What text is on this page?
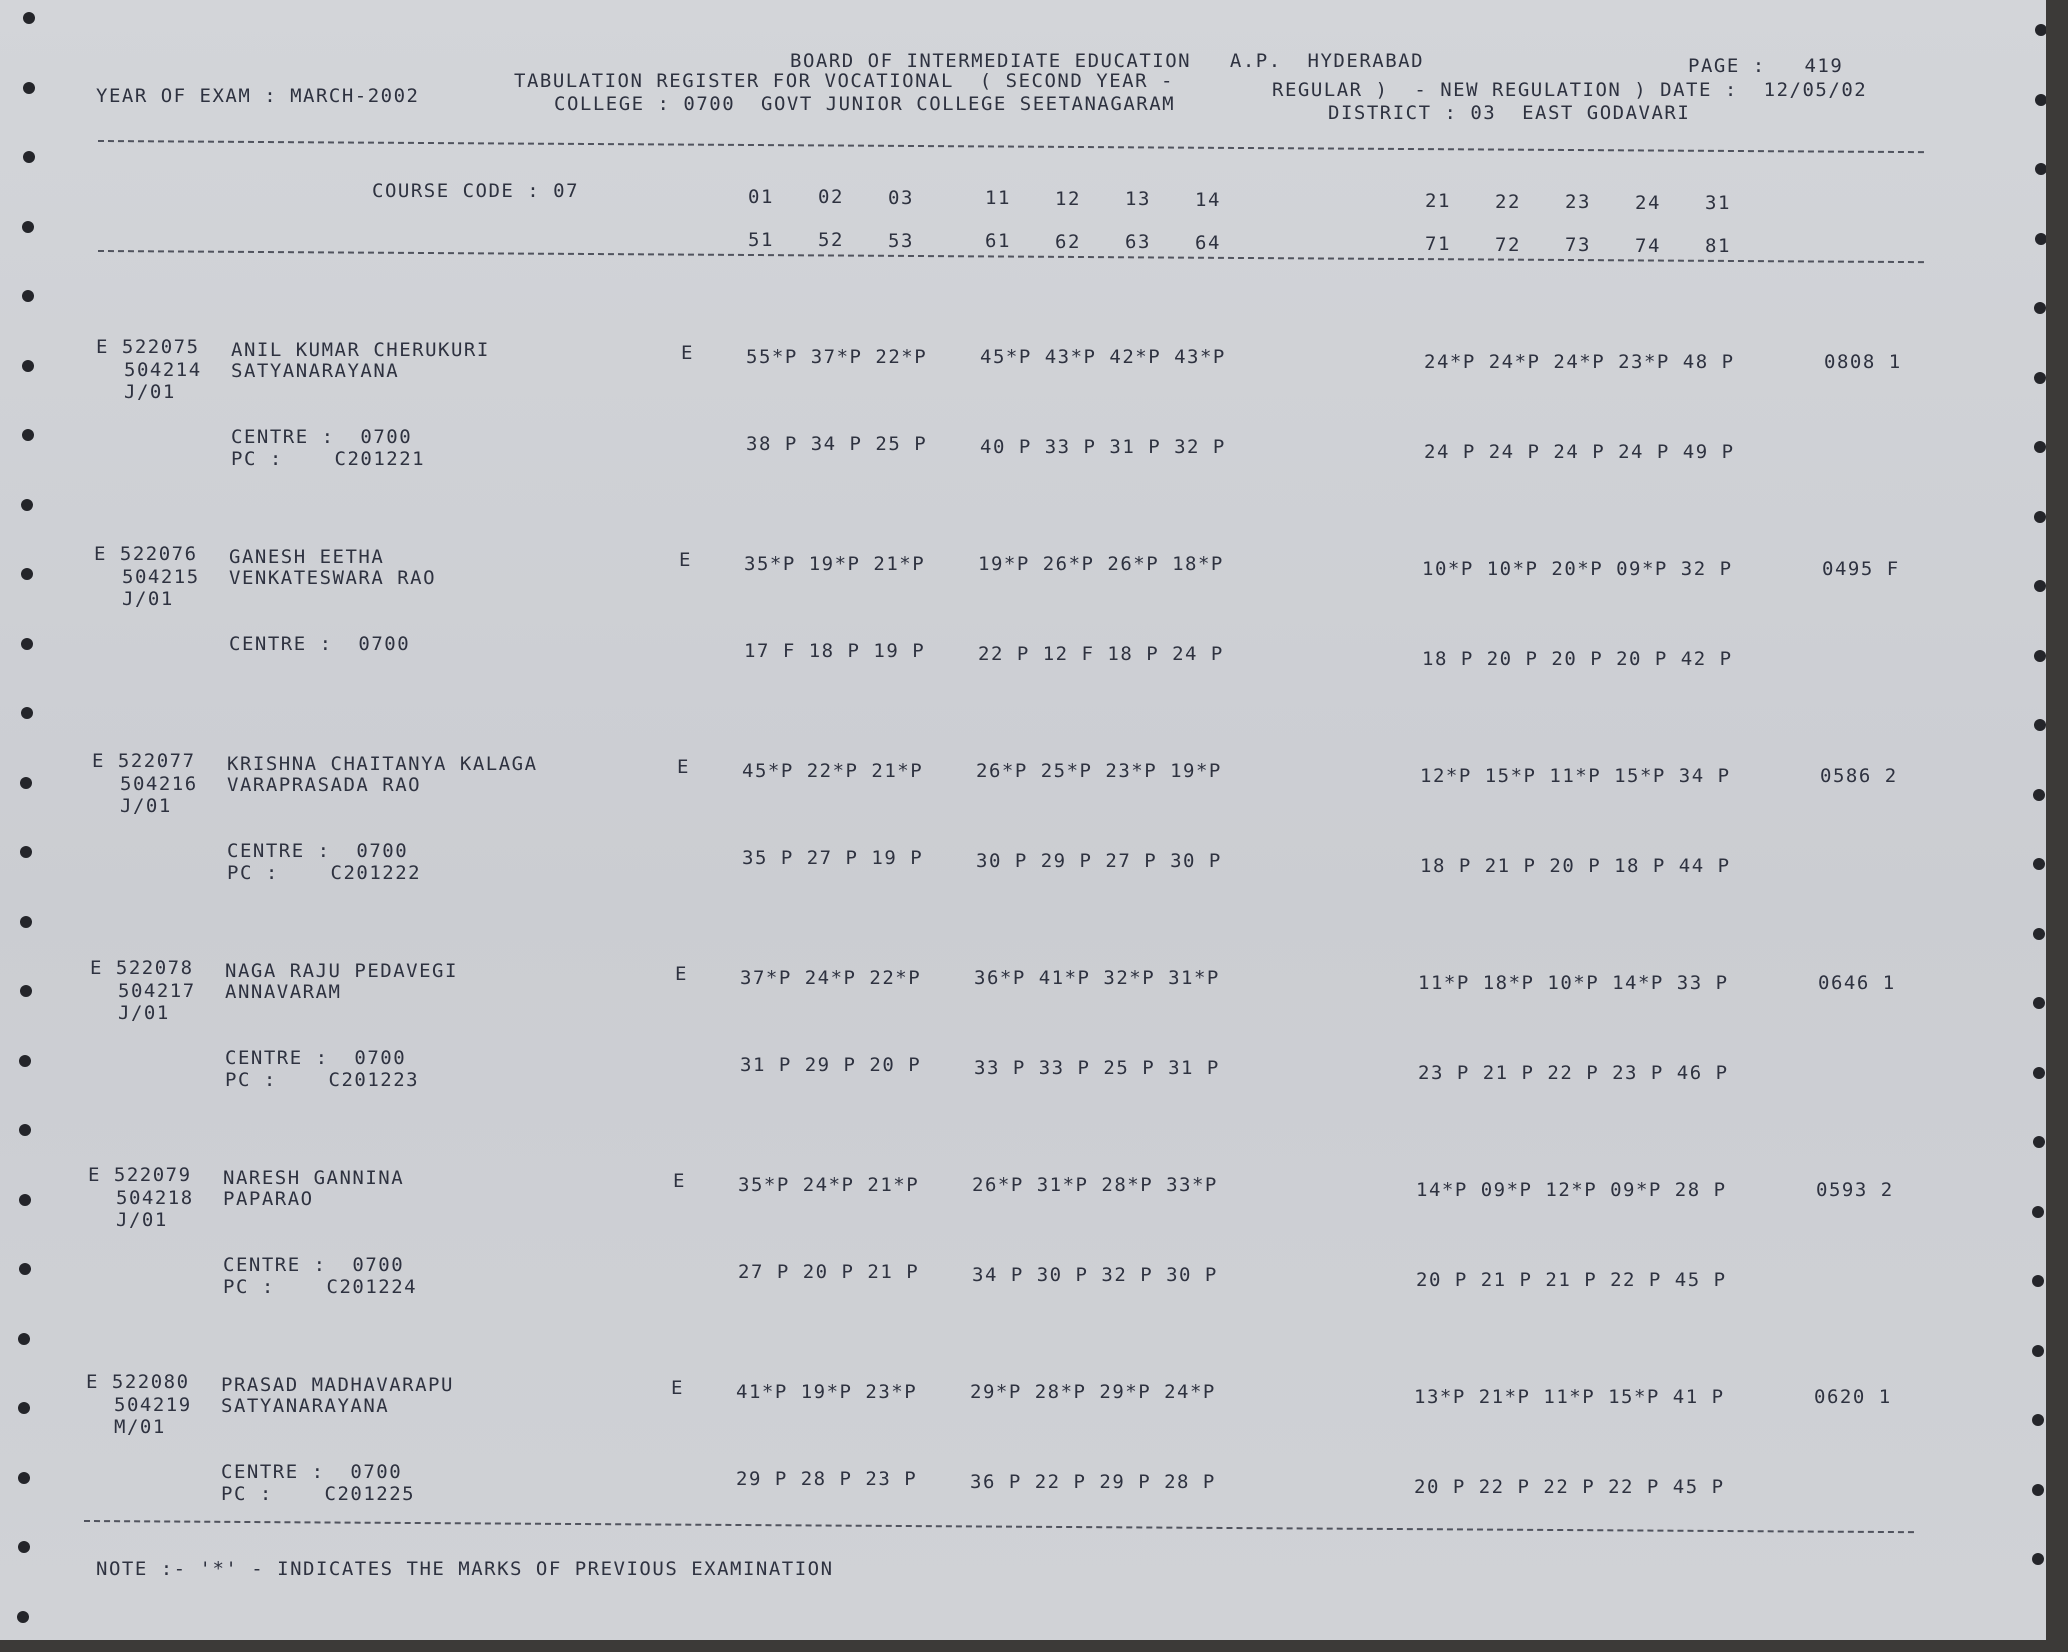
BOARD OF INTERMEDIATE EDUCATION   A.P.  HYDERABAD	PAGE :   419
TABULATION REGISTER FOR VOCATIONAL  ( SECOND YEAR -	REGULAR )  - NEW REGULATION ) DATE :  12/05/02
YEAR OF EXAM : MARCH-2002	COLLEGE : 0700  GOVT JUNIOR COLLEGE SEETANAGARAM	DISTRICT : 03  EAST GODAVARI
COURSE CODE : 07	01 02 03	11 12 13 14	21 22 23 24 31
51 52 53	61 62 63 64	71 72 73 74 81
E 522075 ANIL KUMAR CHERUKURI
504214 SATYANARAYANA
J/01
E	55*P 37*P 22*P	45*P 43*P 42*P 43*P	24*P 24*P 24*P 23*P 48 P	0808 1
CENTRE :  0700
PC :    C201221
38 P 34 P 25 P	40 P 33 P 31 P 32 P	24 P 24 P 24 P 24 P 49 P
E 522076 GANESH EETHA
504215 VENKATESWARA RAO
J/01
E	35*P 19*P 21*P	19*P 26*P 26*P 18*P	10*P 10*P 20*P 09*P 32 P	0495 F
CENTRE :  0700	17 F 18 P 19 P	22 P 12 F 18 P 24 P	18 P 20 P 20 P 20 P 42 P
E 522077 KRISHNA CHAITANYA KALAGA
504216 VARAPRASADA RAO
J/01
E	45*P 22*P 21*P	26*P 25*P 23*P 19*P	12*P 15*P 11*P 15*P 34 P	0586 2
CENTRE :  0700
PC :    C201222
35 P 27 P 19 P	30 P 29 P 27 P 30 P	18 P 21 P 20 P 18 P 44 P
E 522078 NAGA RAJU PEDAVEGI
504217 ANNAVARAM
J/01
E	37*P 24*P 22*P	36*P 41*P 32*P 31*P	11*P 18*P 10*P 14*P 33 P	0646 1
CENTRE :  0700
PC :    C201223
31 P 29 P 20 P	33 P 33 P 25 P 31 P	23 P 21 P 22 P 23 P 46 P
E 522079 NARESH GANNINA
504218 PAPARAO
J/01
E	35*P 24*P 21*P	26*P 31*P 28*P 33*P	14*P 09*P 12*P 09*P 28 P	0593 2
CENTRE :  0700
PC :    C201224
27 P 20 P 21 P	34 P 30 P 32 P 30 P	20 P 21 P 21 P 22 P 45 P
E 522080 PRASAD MADHAVARAPU
504219 SATYANARAYANA
M/01
E	41*P 19*P 23*P	29*P 28*P 29*P 24*P	13*P 21*P 11*P 15*P 41 P	0620 1
CENTRE :  0700
PC :    C201225
29 P 28 P 23 P	36 P 22 P 29 P 28 P	20 P 22 P 22 P 22 P 45 P
NOTE :- '*' - INDICATES THE MARKS OF PREVIOUS EXAMINATION
